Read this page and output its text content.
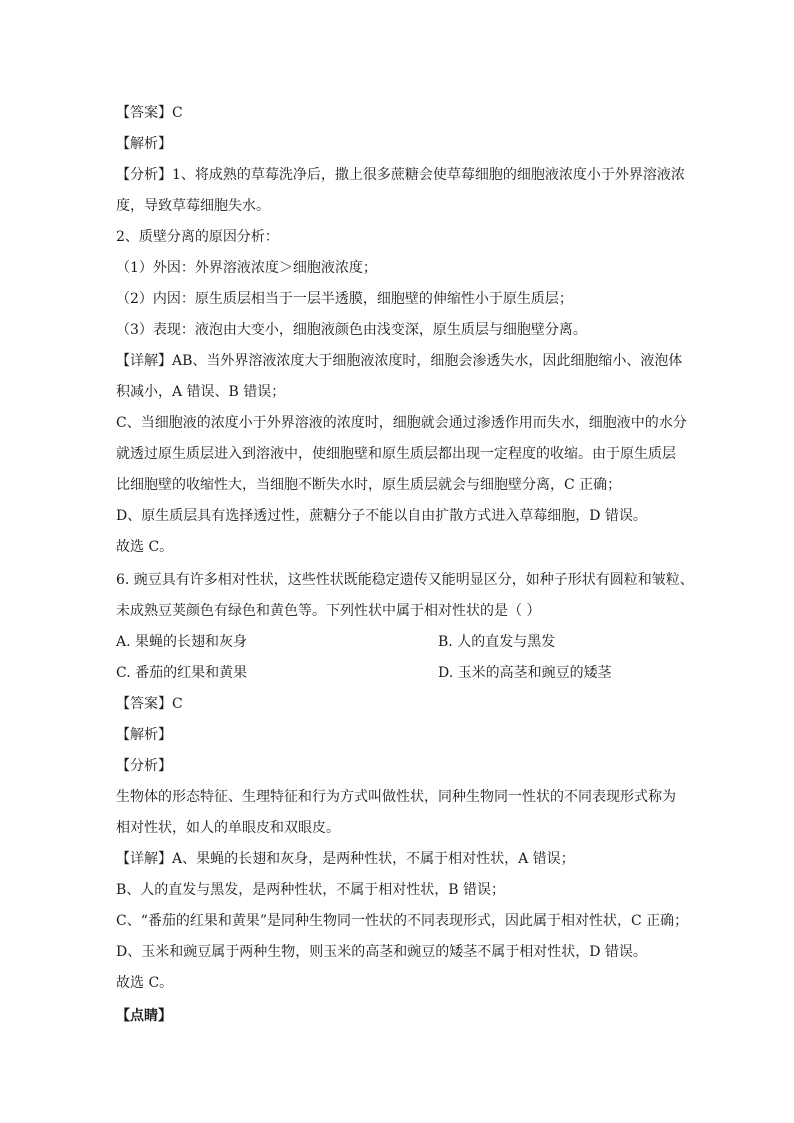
【答案】C
【解析】
【分析】1、将成熟的草莓洗净后，撒上很多蔗糖会使草莓细胞的细胞液浓度小于外界溶液浓
度，导致草莓细胞失水。
2、质壁分离的原因分析：
（1）外因：外界溶液浓度＞细胞液浓度；
（2）内因：原生质层相当于一层半透膜，细胞壁的伸缩性小于原生质层；
（3）表现：液泡由大变小，细胞液颜色由浅变深，原生质层与细胞壁分离。
【详解】AB、当外界溶液浓度大于细胞液浓度时，细胞会渗透失水，因此细胞缩小、液泡体
积减小，A 错误、B 错误；
C、当细胞液的浓度小于外界溶液的浓度时，细胞就会通过渗透作用而失水，细胞液中的水分
就透过原生质层进入到溶液中，使细胞壁和原生质层都出现一定程度的收缩。由于原生质层
比细胞壁的收缩性大，当细胞不断失水时，原生质层就会与细胞壁分离，C 正确；
D、原生质层具有选择透过性，蔗糖分子不能以自由扩散方式进入草莓细胞，D 错误。
故选 C。
6. 豌豆具有许多相对性状，这些性状既能稳定遗传又能明显区分，如种子形状有圆粒和皱粒、
未成熟豆荚颜色有绿色和黄色等。下列性状中属于相对性状的是（ ）
A. 果蝇的长翅和灰身	B. 人的直发与黑发
C. 番茄的红果和黄果	D. 玉米的高茎和豌豆的矮茎
【答案】C
【解析】
【分析】
生物体的形态特征、生理特征和行为方式叫做性状，同种生物同一性状的不同表现形式称为
相对性状，如人的单眼皮和双眼皮。
【详解】A、果蝇的长翅和灰身，是两种性状，不属于相对性状，A 错误；
B、人的直发与黑发，是两种性状，不属于相对性状，B 错误；
C、“番茄的红果和黄果”是同种生物同一性状的不同表现形式，因此属于相对性状，C 正确；
D、玉米和豌豆属于两种生物，则玉米的高茎和豌豆的矮茎不属于相对性状，D 错误。
故选 C。
【点睛】
